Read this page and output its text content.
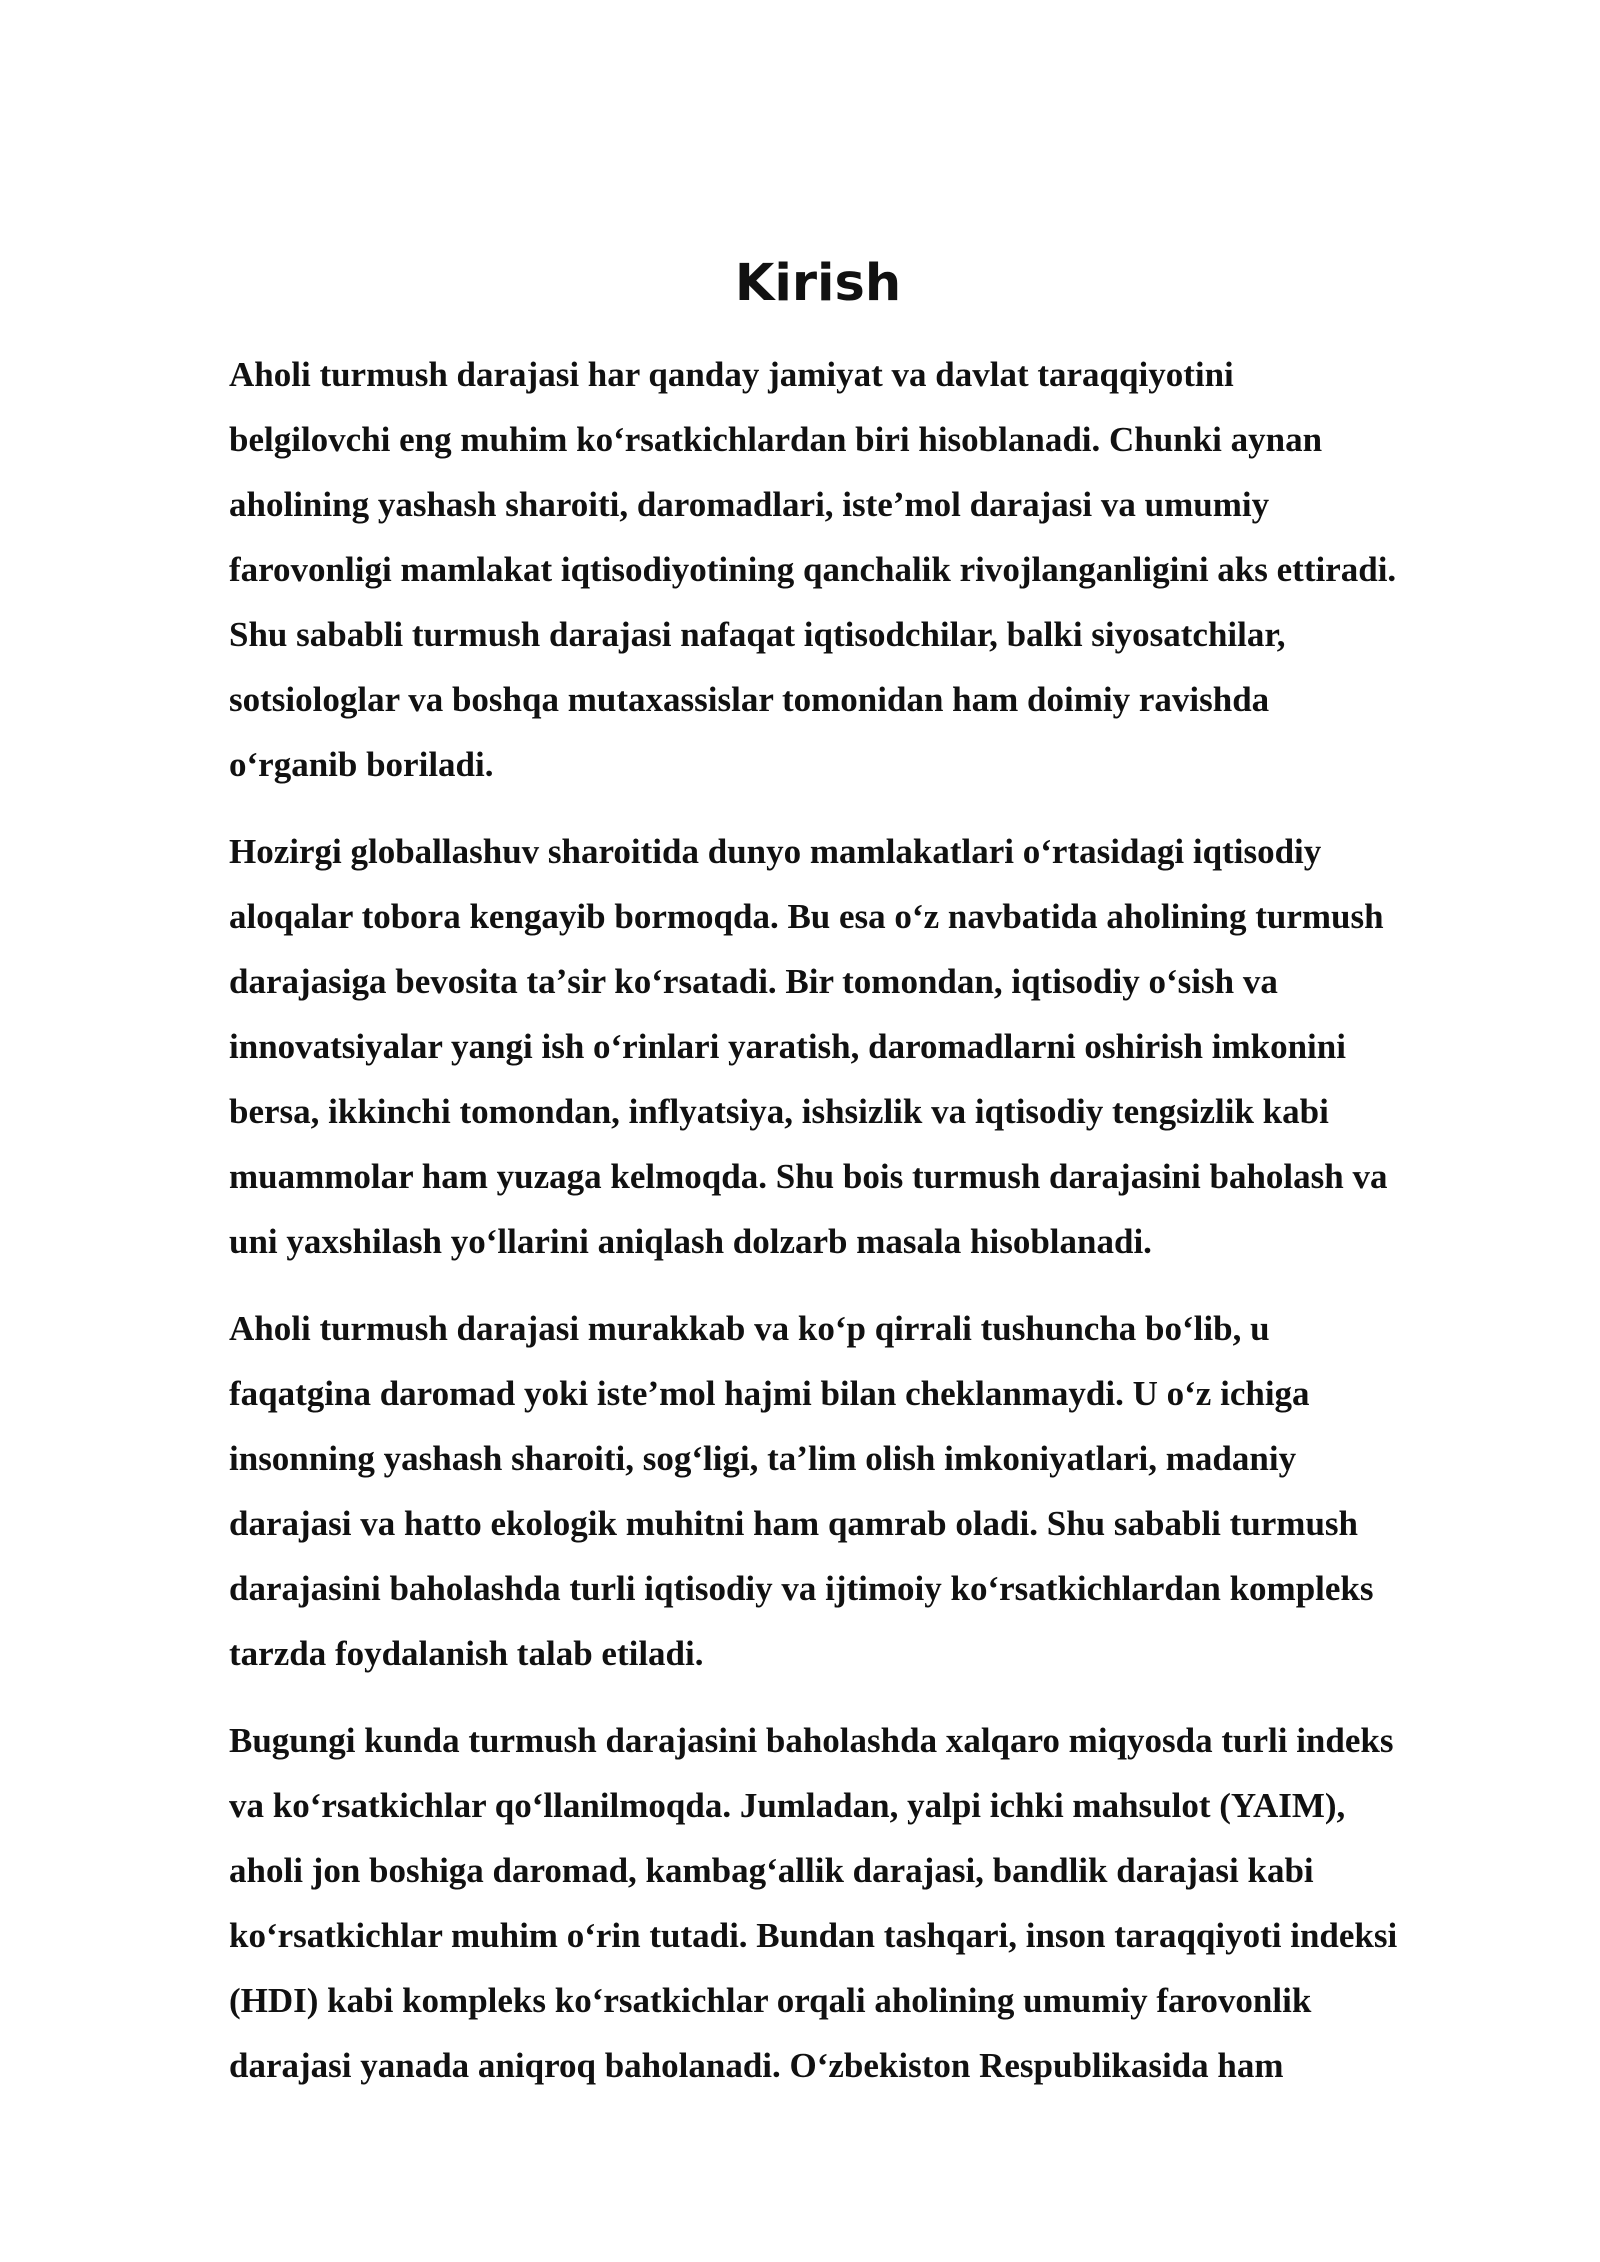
Kirish

Aholi turmush darajasi har qanday jamiyat va davlat taraqqiyotini
belgilovchi eng muhim koʻrsatkichlardan biri hisoblanadi. Chunki aynan
aholining yashash sharoiti, daromadlari, isteʼmol darajasi va umumiy
farovonligi mamlakat iqtisodiyotining qanchalik rivojlanganligini aks ettiradi.
Shu sababli turmush darajasi nafaqat iqtisodchilar, balki siyosatchilar,
sotsiologlar va boshqa mutaxassislar tomonidan ham doimiy ravishda
oʻrganib boriladi.

Hozirgi globallashuv sharoitida dunyo mamlakatlari oʻrtasidagi iqtisodiy
aloqalar tobora kengayib bormoqda. Bu esa oʻz navbatida aholining turmush
darajasiga bevosita taʼsir koʻrsatadi. Bir tomondan, iqtisodiy oʻsish va
innovatsiyalar yangi ish oʻrinlari yaratish, daromadlarni oshirish imkonini
bersa, ikkinchi tomondan, inflyatsiya, ishsizlik va iqtisodiy tengsizlik kabi
muammolar ham yuzaga kelmoqda. Shu bois turmush darajasini baholash va
uni yaxshilash yoʻllarini aniqlash dolzarb masala hisoblanadi.

Aholi turmush darajasi murakkab va koʻp qirrali tushuncha boʻlib, u
faqatgina daromad yoki isteʼmol hajmi bilan cheklanmaydi. U oʻz ichiga
insonning yashash sharoiti, sogʻligi, taʼlim olish imkoniyatlari, madaniy
darajasi va hatto ekologik muhitni ham qamrab oladi. Shu sababli turmush
darajasini baholashda turli iqtisodiy va ijtimoiy koʻrsatkichlardan kompleks
tarzda foydalanish talab etiladi.

Bugungi kunda turmush darajasini baholashda xalqaro miqyosda turli indeks
va koʻrsatkichlar qoʻllanilmoqda. Jumladan, yalpi ichki mahsulot (YAIM),
aholi jon boshiga daromad, kambagʻallik darajasi, bandlik darajasi kabi
koʻrsatkichlar muhim oʻrin tutadi. Bundan tashqari, inson taraqqiyoti indeksi
(HDI) kabi kompleks koʻrsatkichlar orqali aholining umumiy farovonlik
darajasi yanada aniqroq baholanadi. Oʻzbekiston Respublikasida ham
